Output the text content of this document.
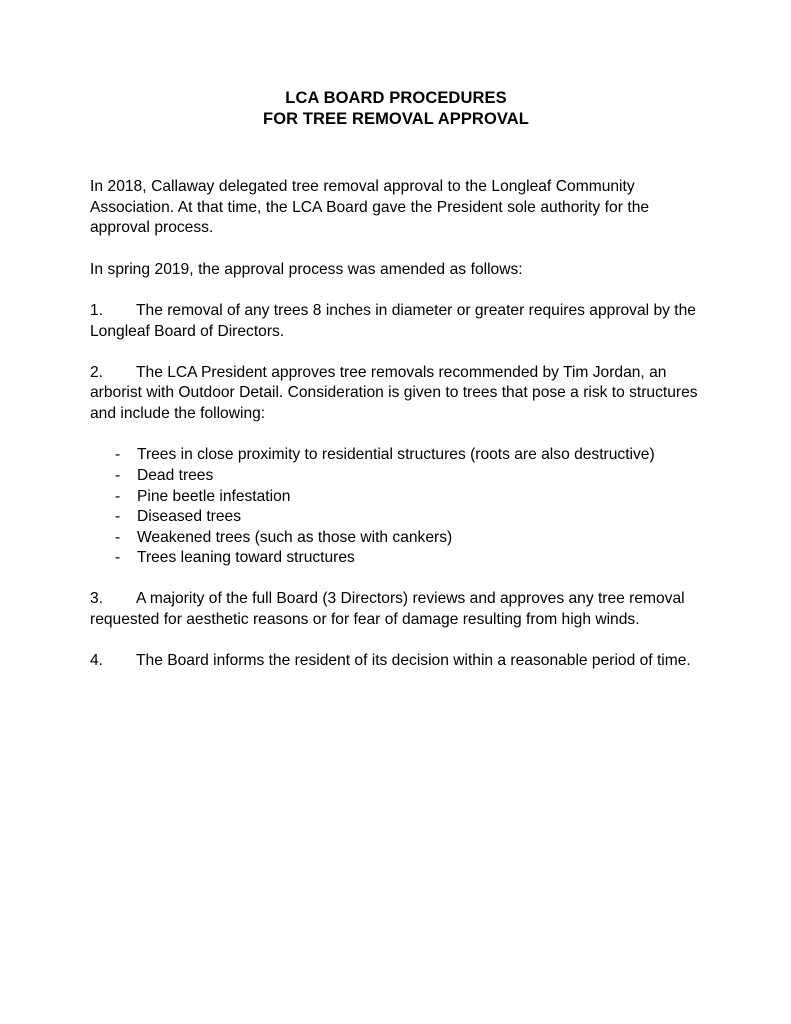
LCA BOARD PROCEDURES
FOR TREE REMOVAL APPROVAL

In 2018, Callaway delegated tree removal approval to the Longleaf Community Association. At that time, the LCA Board gave the President sole authority for the approval process.

In spring 2019, the approval process was amended as follows:

1.	The removal of any trees 8 inches in diameter or greater requires approval by the Longleaf Board of Directors.
2.	The LCA President approves tree removals recommended by Tim Jordan, an arborist with Outdoor Detail. Consideration is given to trees that pose a risk to structures and include the following:
- Trees in close proximity to residential structures (roots are also destructive)
- Dead trees
- Pine beetle infestation
- Diseased trees
- Weakened trees (such as those with cankers)
- Trees leaning toward structures
3.	A majority of the full Board (3 Directors) reviews and approves any tree removal requested for aesthetic reasons or for fear of damage resulting from high winds.
4.	The Board informs the resident of its decision within a reasonable period of time.
